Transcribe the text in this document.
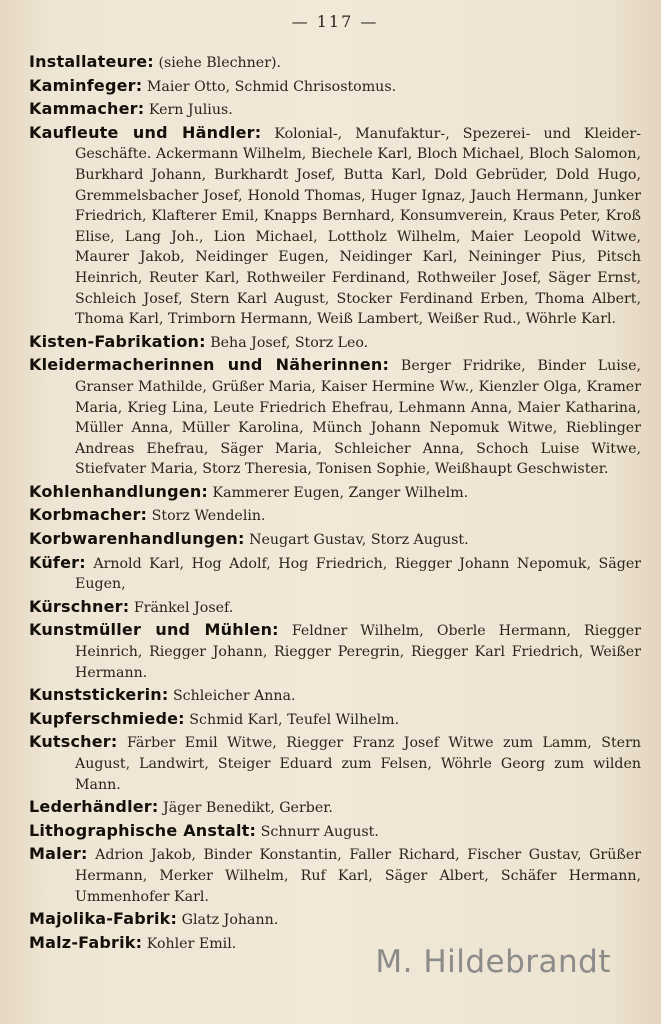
— 117 —
Installateure: (siehe Blechner).
Kaminfeger: Maier Otto, Schmid Chrisostomus.
Kammacher: Kern Julius.
Kaufleute und Händler: Kolonial-, Manufaktur-, Spezerei- und Kleider-Geschäfte. Ackermann Wilhelm, Biechele Karl, Bloch Michael, Bloch Salomon, Burkhard Johann, Burkhardt Josef, Butta Karl, Dold Gebrüder, Dold Hugo, Gremmelsbacher Josef, Honold Thomas, Huger Ignaz, Jauch Hermann, Junker Friedrich, Klafterer Emil, Knapps Bernhard, Konsumverein, Kraus Peter, Kroß Elise, Lang Joh., Lion Michael, Lottholz Wilhelm, Maier Leopold Witwe, Maurer Jakob, Neidinger Eugen, Neidinger Karl, Neininger Pius, Pitsch Heinrich, Reuter Karl, Rothweiler Ferdinand, Rothweiler Josef, Säger Ernst, Schleich Josef, Stern Karl August, Stocker Ferdinand Erben, Thoma Albert, Thoma Karl, Trimborn Hermann, Weiß Lambert, Weißer Rud., Wöhrle Karl.
Kisten-Fabrikation: Beha Josef, Storz Leo.
Kleidermacherinnen und Näherinnen: Berger Fridrike, Binder Luise, Granser Mathilde, Grüßer Maria, Kaiser Hermine Ww., Kienzler Olga, Kramer Maria, Krieg Lina, Leute Friedrich Ehefrau, Lehmann Anna, Maier Katharina, Müller Anna, Müller Karolina, Münch Johann Nepomuk Witwe, Rieblinger Andreas Ehefrau, Säger Maria, Schleicher Anna, Schoch Luise Witwe, Stiefvater Maria, Storz Theresia, Tonisen Sophie, Weißhaupt Geschwister.
Kohlenhandlungen: Kammerer Eugen, Zanger Wilhelm.
Korbmacher: Storz Wendelin.
Korbwarenhandlungen: Neugart Gustav, Storz August.
Küfer: Arnold Karl, Hog Adolf, Hog Friedrich, Riegger Johann Nepomuk, Säger Eugen,
Kürschner: Fränkel Josef.
Kunstmüller und Mühlen: Feldner Wilhelm, Oberle Hermann, Riegger Heinrich, Riegger Johann, Riegger Peregrin, Riegger Karl Friedrich, Weißer Hermann.
Kunststickerin: Schleicher Anna.
Kupferschmiede: Schmid Karl, Teufel Wilhelm.
Kutscher: Färber Emil Witwe, Riegger Franz Josef Witwe zum Lamm, Stern August, Landwirt, Steiger Eduard zum Felsen, Wöhrle Georg zum wilden Mann.
Lederhändler: Jäger Benedikt, Gerber.
Lithographische Anstalt: Schnurr August.
Maler: Adrion Jakob, Binder Konstantin, Faller Richard, Fischer Gustav, Grüßer Hermann, Merker Wilhelm, Ruf Karl, Säger Albert, Schäfer Hermann, Ummenhofer Karl.
Majolika-Fabrik: Glatz Johann.
Malz-Fabrik: Kohler Emil.
M. Hildebrandt
